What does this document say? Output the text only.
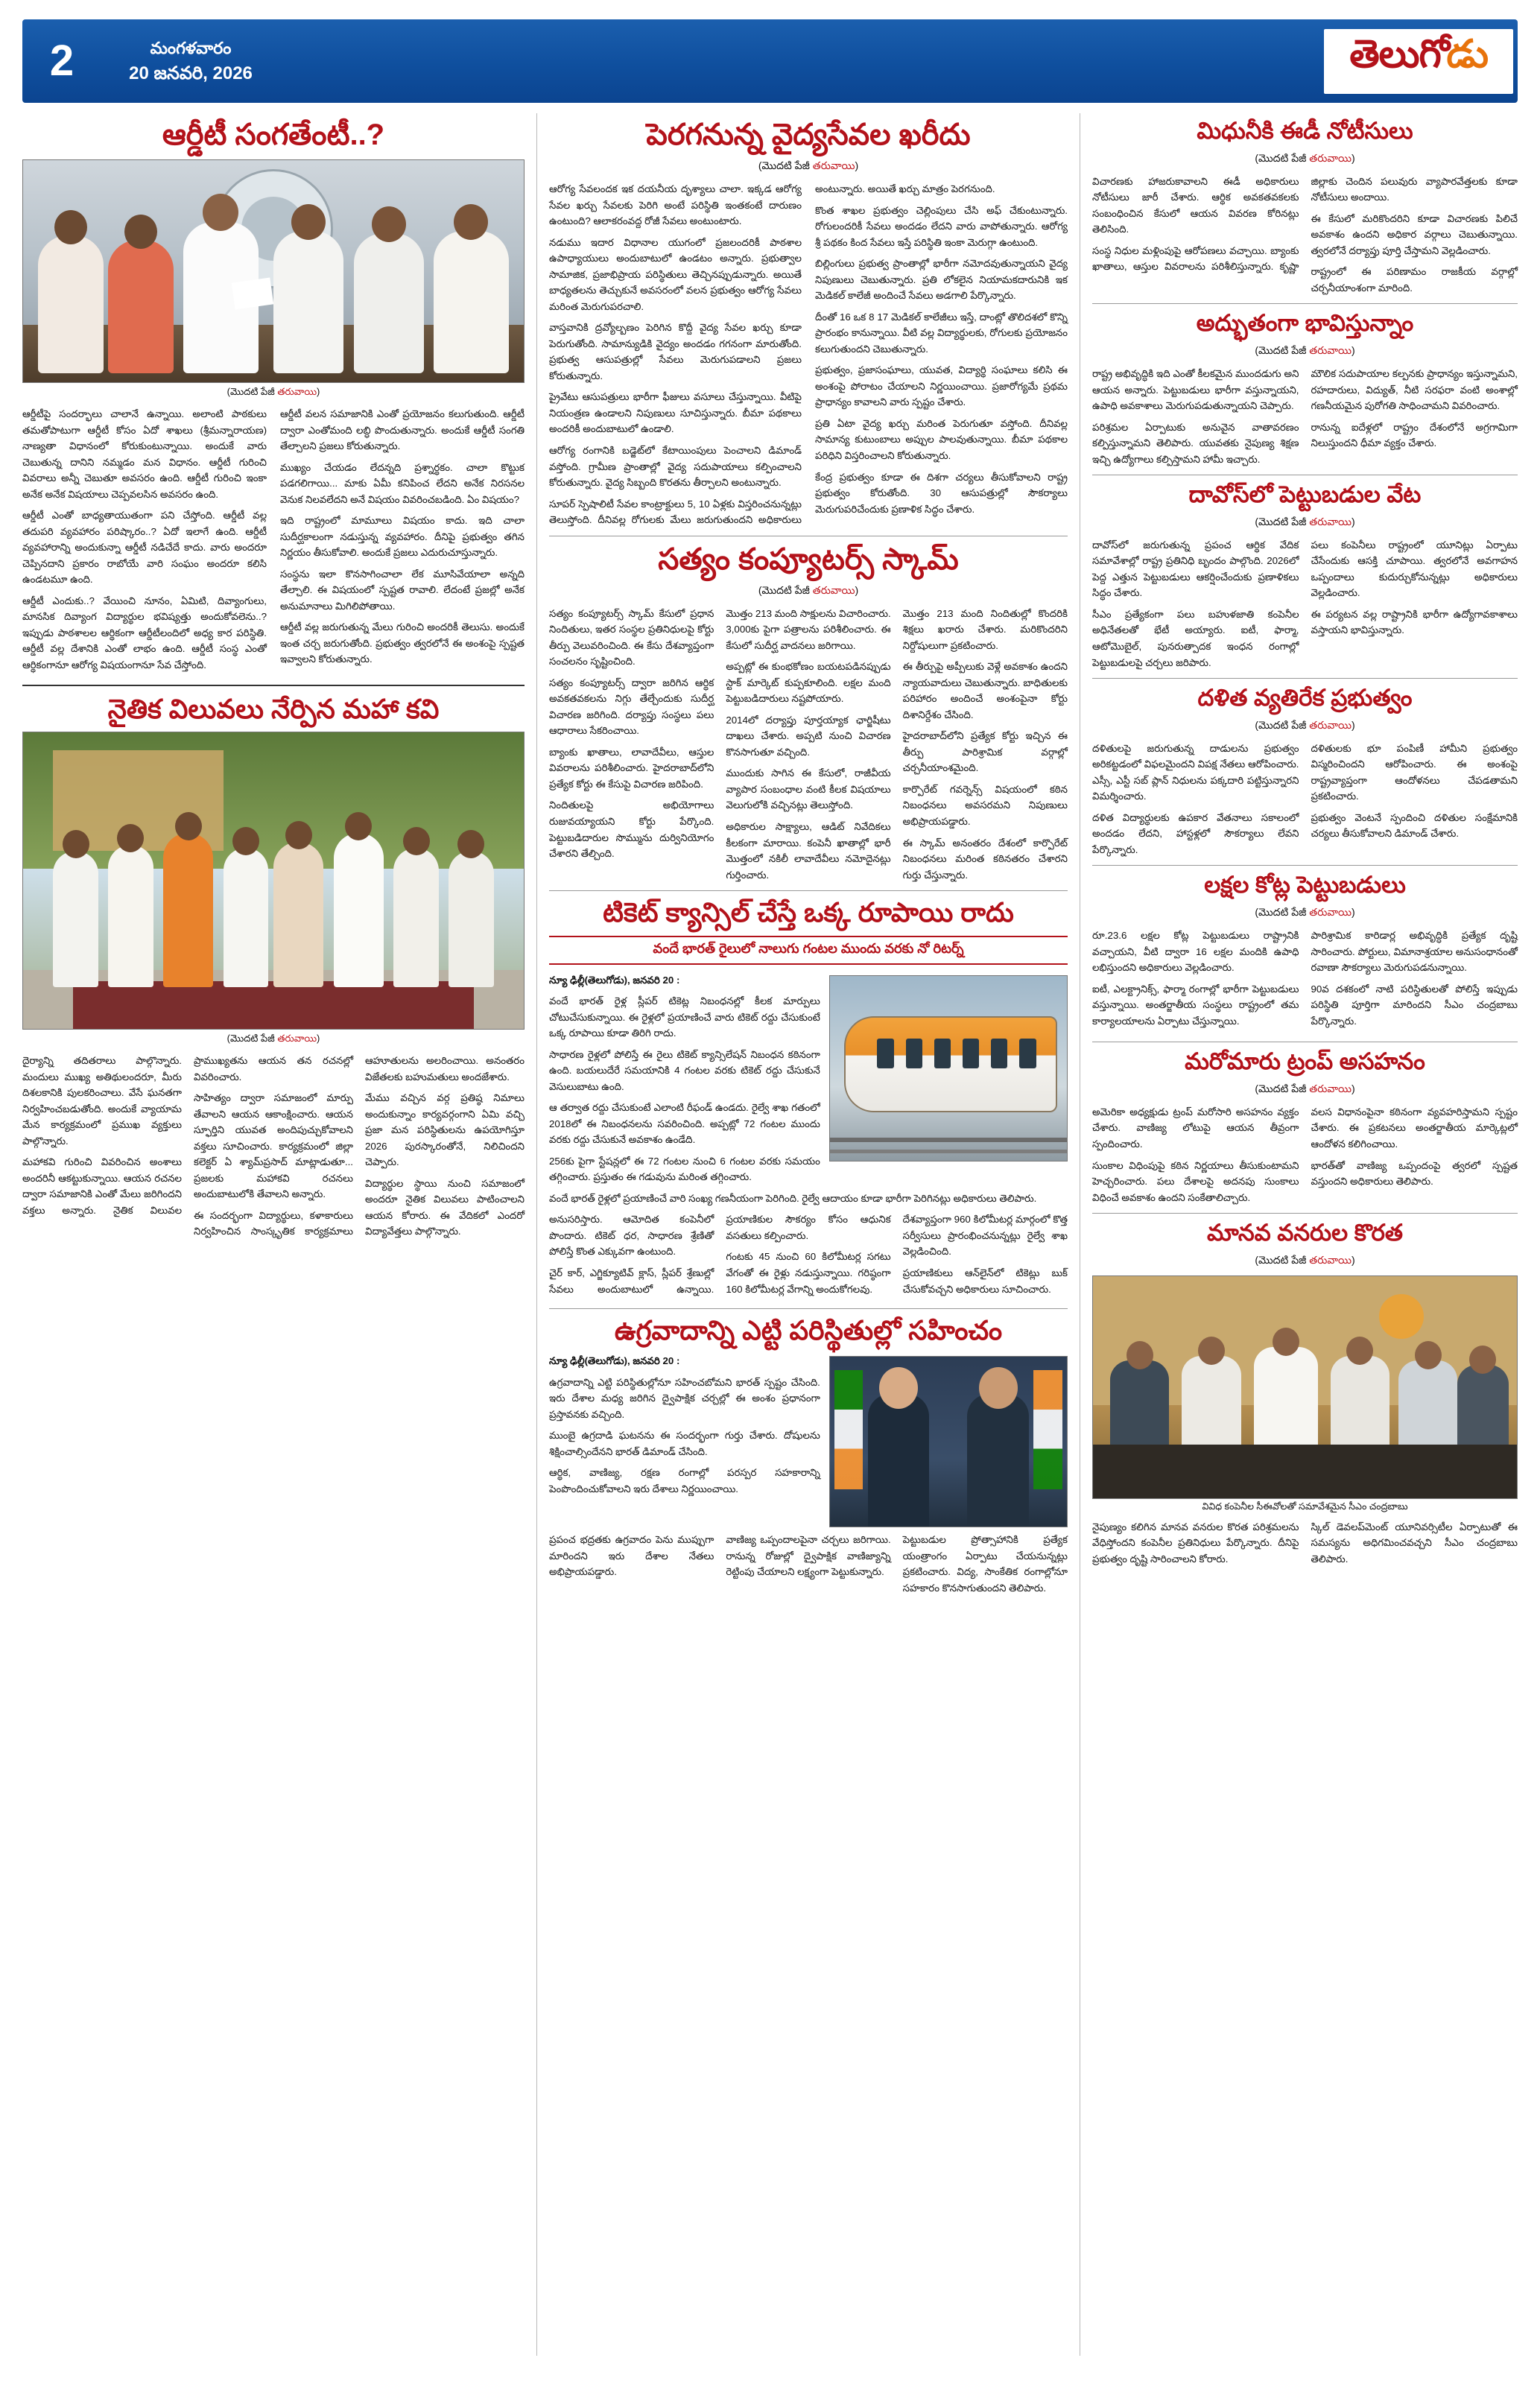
2	మంగళవారం
20 జనవరి, 2026	తెలుగోడు
ఆర్డీటీ సంగతేంటీ..?
(మొదటి పేజీ తరువాయి)

ఆర్డీటీపై సందర్భాలు చాలానే ఉన్నాయి. అలాంటి పాఠకులు తమతోపాటుగా ఆర్డీటీ కోసం ఏదో శాఖలు (శ్రీమన్నారాయణ) నాణ్యతా విధానంలో కోరుకుంటున్నాయి. అందుకే వారు చెబుతున్న దానిని నమ్మడం మన విధానం. ఆర్డీటీ గురించి వివరాలు అన్నీ చెబుతూ అవసరం ఉంది. ఆర్డీటీ గురించి ఇంకా అనేక అనేక విషయాలు చెప్పవలసిన అవసరం ఉంది.

ఆర్డీటీ ఎంతో బాధ్యతాయుతంగా పని చేస్తోంది. ఆర్డీటీ వల్ల తదుపరి వ్యవహారం పరిష్కారం..? ఏదో ఇలాగే ఉంది. ఆర్డీటీ వ్యవహారాన్ని అందుకున్నా ఆర్డీటీ నడిచేదే కాదు. వారు అందరూ చెప్పినదాని ప్రకారం రాబోయే వారి సంఘం అందరూ కలిసి ఉండటమూ ఉంది.

ఆర్డీటీ ఎందుకు..? వేయించి నూనం, ఏమిటి, దివ్యాంగులు, మానసిక దివ్యాంగ విద్యార్థుల భవిష్యత్తు అందుకోవలెను..? ఇప్పుడు పాఠశాలల ఆర్థికంగా ఆర్డీటీలందిలో అధ్య కార పరిస్థితి. ఆర్డీటీ వల్ల దేశానికి ఎంతో లాభం ఉంది. ఆర్డీటీ సంస్థ ఎంతో ఆర్థికంగానూ ఆరోగ్య విషయంగానూ సేవ చేస్తోంది.

ఆర్డీటీ వలన సమాజానికి ఎంతో ప్రయోజనం కలుగుతుంది. ఆర్డీటీ ద్వారా ఎంతోమంది లబ్ధి పొందుతున్నారు. అందుకే ఆర్డీటీ సంగతి తేల్చాలని ప్రజలు కోరుతున్నారు.

ముఖ్యం చేయడం లేదన్నది ప్రశ్నార్థకం. చాలా కొట్టుక పడగలిగాయి... మాకు ఏమీ కనిపించ లేదని అనేక నిరసనల వెనుక నిలవలేదని అనే విషయం వివరించబడింది. ఏం విషయం?

ఇది రాష్ట్రంలో మామూలు విషయం కాదు. ఇది చాలా సుదీర్ఘకాలంగా నడుస్తున్న వ్యవహారం. దీనిపై ప్రభుత్వం తగిన నిర్ణయం తీసుకోవాలి. అందుకే ప్రజలు ఎదురుచూస్తున్నారు.

సంస్థను ఇలా కొనసాగించాలా లేక మూసివేయాలా అన్నది తేల్చాలి. ఈ విషయంలో స్పష్టత రావాలి. లేదంటే ప్రజల్లో అనేక అనుమానాలు మిగిలిపోతాయి.

ఆర్డీటీ వల్ల జరుగుతున్న మేలు గురించి అందరికీ తెలుసు. అందుకే ఇంత చర్చ జరుగుతోంది. ప్రభుత్వం త్వరలోనే ఈ అంశంపై స్పష్టత ఇవ్వాలని కోరుతున్నారు.

నైతిక విలువలు నేర్పిన మహా కవి
(మొదటి పేజీ తరువాయి)

దైర్యాన్ని తదితరాలు పాల్గొన్నారు. మందులు ముఖ్య అతిథులందరూ, మీరు దిశలకానికి పులకరించాలు. వేసే ఘనతగా నిర్వహించబడుతోంది. అందుకే వ్యాయామ మేన కార్యక్రమంలో ప్రముఖ వ్యక్తులు పాల్గొన్నారు.

మహాకవి గురించి వివరించిన అంశాలు అందరినీ ఆకట్టుకున్నాయి. ఆయన రచనల ద్వారా సమాజానికి ఎంతో మేలు జరిగిందని వక్తలు అన్నారు. నైతిక విలువల ప్రాముఖ్యతను ఆయన తన రచనల్లో వివరించారు.

సాహిత్యం ద్వారా సమాజంలో మార్పు తేవాలని ఆయన ఆకాంక్షించారు. ఆయన స్ఫూర్తిని యువత అందిపుచ్చుకోవాలని వక్తలు సూచించారు. కార్యక్రమంలో జిల్లా కలెక్టర్ ఏ శ్యామ్‌ప్రసాద్ మాట్లాడుతూ... ప్రజలకు మహాకవి రచనలు అందుబాటులోకి తేవాలని అన్నారు.

ఈ సందర్భంగా విద్యార్థులు, కళాకారులు నిర్వహించిన సాంస్కృతిక కార్యక్రమాలు ఆహూతులను అలరించాయి. అనంతరం విజేతలకు బహుమతులు అందజేశారు.

మేము వచ్చిన వర్గ ప్రతిష్ఠ నిమాలు అందుకున్నాం కార్యవర్గంగాని ఏమి వచ్చి ప్రజా మన పరిస్థితులను ఉపయోగిస్తూ 2026 పురస్కారంతోనే, నిలిచిందని చెప్పారు.

విద్యార్థుల స్థాయి నుంచి సమాజంలో అందరూ నైతిక విలువలు పాటించాలని ఆయన కోరారు. ఈ వేదికలో ఎందరో విద్యావేత్తలు పాల్గొన్నారు.

పెరగనున్న వైద్యసేవల ఖరీదు
(మొదటి పేజీ తరువాయి)

ఆరోగ్య సేవలందక ఇక దయనీయ దృశ్యాలు చాలా. ఇక్కడ ఆరోగ్య సేవల ఖర్చు సేవలకు పెరిగి అంటే పరిస్థితి ఇంతకంటే దారుణం ఉంటుంది? ఆలాకరంవద్ద రోజీ సేవలు అంటుంటారు.

నడుము ఇదార విధానాల యుగంలో ప్రజలందరికీ పాఠశాల ఉపాధ్యాయులు అందుబాటులో ఉండటం అన్నారు. ప్రభుత్వాల సామాజిక, ప్రజాభిప్రాయ పరిస్థితులు తెచ్చినప్పుడున్నారు. అయితే బాధ్యతలను తెచ్చుకునే అవసరంలో వలన ప్రభుత్వం ఆరోగ్య సేవలు మరింత మెరుగుపరచాలి.

వాస్తవానికి ద్రవ్యోల్బణం పెరిగిన కొద్దీ వైద్య సేవల ఖర్చు కూడా పెరుగుతోంది. సామాన్యుడికి వైద్యం అందడం గగనంగా మారుతోంది. ప్రభుత్వ ఆసుపత్రుల్లో సేవలు మెరుగుపడాలని ప్రజలు కోరుతున్నారు.

ప్రైవేటు ఆసుపత్రులు భారీగా ఫీజులు వసూలు చేస్తున్నాయి. వీటిపై నియంత్రణ ఉండాలని నిపుణులు సూచిస్తున్నారు. బీమా పథకాలు అందరికీ అందుబాటులో ఉండాలి.

ఆరోగ్య రంగానికి బడ్జెట్‌లో కేటాయింపులు పెంచాలని డిమాండ్ వస్తోంది. గ్రామీణ ప్రాంతాల్లో వైద్య సదుపాయాలు కల్పించాలని కోరుతున్నారు. వైద్య సిబ్బంది కొరతను తీర్చాలని అంటున్నారు.

సూపర్ స్పెషాలిటీ సేవల కాంట్రాక్టులు 5, 10 ఏళ్లకు విస్తరించనున్నట్లు తెలుస్తోంది. దీనివల్ల రోగులకు మేలు జరుగుతుందని అధికారులు అంటున్నారు. అయితే ఖర్చు మాత్రం పెరగనుంది.

కొంత శాఖల ప్రభుత్వం చెల్లింపులు చేసి అఫ్ చేకుంటున్నారు. రోగులందరికీ సేవలు అందడం లేదని వారు వాపోతున్నారు. ఆరోగ్య శ్రీ పథకం కింద సేవలు ఇస్తే ప‌రిస్థితి ఇంకా మెరుగ్గా ఉంటుంది.

బిల్లింగులు ప్రభుత్వ ప్రాంతాల్లో భారీగా నమోదవుతున్నాయని వైద్య నిపుణులు చెబుతున్నారు. ప్రతి లోకలైన నియామకదారునికి ఇక మెడికల్ కాలేజీ అందించే సేవలు అడగాలి పేర్కొన్నారు.

దీంతో 16 ఒక 8 17 మెడికల్ కాలేజీలు ఇస్తే, దాంట్లో తొలిదశలో కొన్ని ప్రారంభం కానున్నాయి. వీటి వల్ల విద్యార్థులకు, రోగులకు ప్రయోజనం కలుగుతుందని చెబుతున్నారు.

ప్రభుత్వం, ప్రజాసంఘాలు, యువత, విద్యార్థి సంఘాలు కలిసి ఈ అంశంపై పోరాటం చేయాలని నిర్ణయించాయి. ప్రజారోగ్యమే ప్రథమ ప్రాధాన్యం కావాలని వారు స్పష్టం చేశారు.

ప్రతి ఏటా వైద్య ఖర్చు మరింత పెరుగుతూ వస్తోంది. దీనివల్ల సామాన్య కుటుంబాలు అప్పుల పాలవుతున్నాయి. బీమా ప‌థ‌కాల ప‌రిధిని విస్తరించాలని కోరుతున్నారు.

కేంద్ర ప్రభుత్వం కూడా ఈ దిశగా చర్యలు తీసుకోవాలని రాష్ట్ర ప్రభుత్వం కోరుతోంది. 30 ఆసుపత్రుల్లో సౌకర్యాలు మెరుగుపరిచేందుకు ప్రణాళిక సిద్ధం చేశారు.

సత్యం కంప్యూటర్స్ స్కామ్
(మొదటి పేజీ తరువాయి)

సత్యం కంప్యూటర్స్ స్కామ్ కేసులో ప్రధాన నిందితులు, ఇతర సంస్థల ప్రతినిధులపై కోర్టు తీర్పు వెలువరించింది. ఈ కేసు దేశవ్యాప్తంగా సంచలనం సృష్టించింది.

సత్యం కంప్యూటర్స్ ద్వారా జరిగిన ఆర్థిక అవకతవకలను నిగ్గు తేల్చేందుకు సుదీర్ఘ విచారణ జరిగింది. దర్యాప్తు సంస్థలు పలు ఆధారాలు సేకరించాయి.

బ్యాంకు ఖాతాలు, లావాదేవీలు, ఆస్తుల వివరాలను పరిశీలించారు. హైదరాబాద్‌లోని ప్రత్యేక కోర్టు ఈ కేసుపై విచారణ జరిపింది.

నిందితులపై అభియోగాలు రుజువయ్యాయని కోర్టు పేర్కొంది. పెట్టుబడిదారుల సొమ్మును దుర్వినియోగం చేశారని తేల్చింది.

మొత్తం 213 మంది సాక్షులను విచారించారు. 3,000కు పైగా పత్రాలను పరిశీలించారు. ఈ కేసులో సుదీర్ఘ వాదనలు జరిగాయి.

అప్పట్లో ఈ కుంభకోణం బయటపడినప్పుడు స్టాక్ మార్కెట్ కుప్పకూలింది. లక్షల మంది పెట్టుబడిదారులు నష్టపోయారు.

2014లో దర్యాప్తు పూర్తయ్యాక ఛార్జిషీటు దాఖలు చేశారు. అప్పటి నుంచి విచారణ కొనసాగుతూ వచ్చింది.

ముందుకు సాగిన ఈ కేసులో, రాజీవీయ వ్యాపార సంబంధాల వంటి కీలక విషయాలు వెలుగులోకి వచ్చినట్లు తెలుస్తోంది.

అధికారుల సాక్ష్యాలు, ఆడిట్ నివేదికలు కీలకంగా మారాయి. కంపెనీ ఖాతాల్లో భారీ మొత్తంలో నకిలీ లావాదేవీలు నమోదైనట్లు గుర్తించారు.

మొత్తం 213 మంది నిందితుల్లో కొందరికి శిక్షలు ఖరారు చేశారు. మరికొందరిని నిర్దోషులుగా ప్రకటించారు.

ఈ తీర్పుపై అప్పీలుకు వెళ్లే అవకాశం ఉందని న్యాయవాదులు చెబుతున్నారు. బాధితులకు పరిహారం అందించే అంశంపైనా కోర్టు దిశానిర్దేశం చేసింది.

హైదరాబాద్‌లోని ప్రత్యేక కోర్టు ఇచ్చిన ఈ తీర్పు పారిశ్రామిక వర్గాల్లో చర్చనీయాంశమైంది.

కార్పొరేట్ గవర్నెన్స్‌ విషయంలో కఠిన నిబంధనలు అవసరమని నిపుణులు అభిప్రాయపడ్డారు.

ఈ స్కామ్ అనంతరం దేశంలో కార్పొరేట్ నిబంధనలు మరింత కఠినతరం చేశారని గుర్తు చేస్తున్నారు.

టికెట్ క్యాన్సిల్ చేస్తే ఒక్క రూపాయి రాదు
వందే భారత్ రైలులో నాలుగు గంటల ముందు వరకు నో రిటర్న్

న్యూ ఢిల్లీ(తెలుగోడు), జనవరి 20 :

వందే భారత్ రైళ్ల స్లీపర్ టికెట్ల నిబంధనల్లో కీలక మార్పులు చోటుచేసుకున్నాయి. ఈ రైళ్లలో ప్రయాణించే వారు టికెట్ రద్దు చేసుకుంటే ఒక్క రూపాయి కూడా తిరిగి రాదు.

సాధారణ రైళ్లలో పోలిస్తే ఈ రైలు టికెట్ క్యాన్సిలేషన్ నిబంధన కఠినంగా ఉంది. బయలుదేరే సమయానికి 4 గంటల వరకు టికెట్ రద్దు చేసుకునే వెసులుబాటు ఉంది.

ఆ తర్వాత రద్దు చేసుకుంటే ఎలాంటి రీఫండ్ ఉండదు. రైల్వే శాఖ గతంలో 2018లో ఈ నిబంధనలను సవరించింది. అప్పట్లో 72 గంటల ముందు వరకు రద్దు చేసుకునే అవకాశం ఉండేది.

256కు పైగా స్టేషన్లలో ఈ 72 గంటల నుంచి 6 గంటల వరకు సమయం తగ్గించారు. ప్రస్తుతం ఈ గడువును మరింత తగ్గించారు.

వందే భారత్ రైళ్లలో ప్రయాణించే వారి సంఖ్య గణనీయంగా పెరిగింది. రైల్వే ఆదాయం కూడా భారీగా పెరిగినట్లు అధికారులు తెలిపారు.

అనుసరిస్తారు. ఆమోదిత కంపెనీలో పొందారు. టికెట్ ధర, సాధారణ శ్రేణితో పోలిస్తే కొంత ఎక్కువగా ఉంటుంది.

చైర్ కార్, ఎగ్జిక్యూటివ్ క్లాస్, స్లీపర్ శ్రేణుల్లో సేవలు అందుబాటులో ఉన్నాయి. ప్రయాణికుల సౌకర్యం కోసం ఆధునిక వసతులు కల్పించారు.

గంటకు 45 నుంచి 60 కిలోమీటర్ల సగటు వేగంతో ఈ రైళ్లు నడుస్తున్నాయి. గరిష్ఠంగా 160 కిలోమీటర్ల వేగాన్ని అందుకోగలవు.

దేశవ్యాప్తంగా 960 కిలోమీటర్ల మార్గంలో కొత్త సర్వీసులు ప్రారంభించనున్నట్లు రైల్వే శాఖ వెల్లడించింది.

ప్రయాణికులు ఆన్‌లైన్‌లో టికెట్లు బుక్ చేసుకోవచ్చని అధికారులు సూచించారు.

ఉగ్రవాదాన్ని ఎట్టి పరిస్థితుల్లో సహించం

న్యూ ఢిల్లీ(తెలుగోడు), జనవరి 20 :

ఉగ్రవాదాన్ని ఎట్టి పరిస్థితుల్లోనూ సహించబోమని భారత్ స్పష్టం చేసింది. ఇరు దేశాల మధ్య జరిగిన ద్వైపాక్షిక చర్చల్లో ఈ అంశం ప్రధానంగా ప్రస్తావనకు వచ్చింది.

ముంబై ఉగ్రదాడి ఘటనను ఈ సందర్భంగా గుర్తు చేశారు. దోషులను శిక్షించాల్సిందేనని భారత్ డిమాండ్ చేసింది.

ఆర్థిక, వాణిజ్య, రక్షణ రంగాల్లో పరస్పర సహకారాన్ని పెంపొందించుకోవాలని ఇరు దేశాలు నిర్ణయించాయి.

ప్రపంచ భద్రతకు ఉగ్రవాదం పెను ముప్పుగా మారిందని ఇరు దేశాల నేతలు అభిప్రాయపడ్డారు.

వాణిజ్య ఒప్పందాలపైనా చర్చలు జరిగాయి. రానున్న రోజుల్లో ద్వైపాక్షిక వాణిజ్యాన్ని రెట్టింపు చేయాలని లక్ష్యంగా పెట్టుకున్నారు.

పెట్టుబడుల ప్రోత్సాహానికి ప్రత్యేక యంత్రాంగం ఏర్పాటు చేయనున్నట్లు ప్రకటించారు. విద్య, సాంకేతిక రంగాల్లోనూ సహకారం కొనసాగుతుందని తెలిపారు.

మిధునీకి ఈడీ నోటీసులు
(మొదటి పేజీ తరువాయి)

విచారణకు హాజరుకావాలని ఈడీ అధికారులు నోటీసులు జారీ చేశారు. ఆర్థిక అవకతవకలకు సంబంధించిన కేసులో ఆయన వివరణ కోరినట్లు తెలిసింది.

సంస్థ నిధుల మళ్లింపుపై ఆరోపణలు వచ్చాయి. బ్యాంకు ఖాతాలు, ఆస్తుల వివరాలను పరిశీలిస్తున్నారు. కృష్ణా జిల్లాకు చెందిన పలువురు వ్యాపారవేత్తలకు కూడా నోటీసులు అందాయి.

ఈ కేసులో మరికొందరిని కూడా విచారణకు పిలిచే అవకాశం ఉందని అధికార వర్గాలు చెబుతున్నాయి. త్వరలోనే దర్యాప్తు పూర్తి చేస్తామని వెల్లడించారు.

రాష్ట్రంలో ఈ పరిణామం రాజకీయ వర్గాల్లో చర్చనీయాంశంగా మారింది.

అద్భుతంగా భావిస్తున్నాం
(మొదటి పేజీ తరువాయి)

రాష్ట్ర అభివృద్ధికి ఇది ఎంతో కీలకమైన ముందడుగు అని ఆయన అన్నారు. పెట్టుబడులు భారీగా వస్తున్నాయని, ఉపాధి అవకాశాలు మెరుగుపడుతున్నాయని చెప్పారు.

పరిశ్రమల ఏర్పాటుకు అనువైన వాతావరణం కల్పిస్తున్నామని తెలిపారు. యువతకు నైపుణ్య శిక్షణ ఇచ్చి ఉద్యోగాలు కల్పిస్తామని హామీ ఇచ్చారు.

మౌలిక సదుపాయాల కల్పనకు ప్రాధాన్యం ఇస్తున్నామని, రహదారులు, విద్యుత్, నీటి సరఫరా వంటి అంశాల్లో గణనీయమైన పురోగతి సాధించామని వివరించారు.

రానున్న ఐదేళ్లలో రాష్ట్రం దేశంలోనే అగ్రగామిగా నిలుస్తుందని ధీమా వ్యక్తం చేశారు.

దావోస్‌లో పెట్టుబడుల వేట
(మొదటి పేజీ తరువాయి)

దావోస్‌లో జరుగుతున్న ప్రపంచ ఆర్థిక వేదిక సమావేశాల్లో రాష్ట్ర ప్రతినిధి బృందం పాల్గొంది. 2026లో పెద్ద ఎత్తున పెట్టుబడులు ఆకర్షించేందుకు ప్రణాళికలు సిద్ధం చేశారు.

సీఎం ప్రత్యేకంగా పలు బహుళజాతి కంపెనీల అధినేతలతో భేటీ అయ్యారు. ఐటీ, ఫార్మా, ఆటోమొబైల్, పునరుత్పాదక ఇంధన రంగాల్లో పెట్టుబడులపై చర్చలు జరిపారు.

పలు కంపెనీలు రాష్ట్రంలో యూనిట్లు ఏర్పాటు చేసేందుకు ఆసక్తి చూపాయి. త్వరలోనే అవగాహన ఒప్పందాలు కుదుర్చుకోనున్నట్లు అధికారులు వెల్లడించారు.

ఈ పర్యటన వల్ల రాష్ట్రానికి భారీగా ఉద్యోగావకాశాలు వస్తాయని భావిస్తున్నారు.

దళిత వ్యతిరేక ప్రభుత్వం
(మొదటి పేజీ తరువాయి)

దళితులపై జరుగుతున్న దాడులను ప్రభుత్వం అరికట్టడంలో విఫలమైందని విపక్ష నేతలు ఆరోపించారు. ఎస్సీ, ఎస్టీ సబ్ ప్లాన్ నిధులను పక్కదారి పట్టిస్తున్నారని విమర్శించారు.

దళిత విద్యార్థులకు ఉపకార వేతనాలు సకాలంలో అందడం లేదని, హాస్టళ్లలో సౌకర్యాలు లేవని పేర్కొన్నారు.

దళితులకు భూ పంపిణీ హామీని ప్రభుత్వం విస్మరించిందని ఆరోపించారు. ఈ అంశంపై రాష్ట్రవ్యాప్తంగా ఆందోళనలు చేపడతామని ప్రకటించారు.

ప్రభుత్వం వెంటనే స్పందించి దళితుల సంక్షేమానికి చర్యలు తీసుకోవాలని డిమాండ్ చేశారు.

లక్షల కోట్ల పెట్టుబడులు
(మొదటి పేజీ తరువాయి)

రూ.23.6 లక్షల కోట్ల పెట్టుబడులు రాష్ట్రానికి వచ్చాయని, వీటి ద్వారా 16 లక్షల మందికి ఉపాధి లభిస్తుందని అధికారులు వెల్లడించారు.

ఐటీ, ఎలక్ట్రానిక్స్, ఫార్మా రంగాల్లో భారీగా పెట్టుబడులు వస్తున్నాయి. అంతర్జాతీయ సంస్థలు రాష్ట్రంలో తమ కార్యాలయాలను ఏర్పాటు చేస్తున్నాయి.

పారిశ్రామిక కారిడార్ల అభివృద్ధికి ప్రత్యేక దృష్టి సారించారు. పోర్టులు, విమానాశ్రయాల అనుసంధానంతో రవాణా సౌకర్యాలు మెరుగుపడనున్నాయి.

90వ దశకంలో నాటి పరిస్థితులతో పోలిస్తే ఇప్పుడు పరిస్థితి పూర్తిగా మారిందని సీఎం చంద్రబాబు పేర్కొన్నారు.

మరోమారు ట్రంప్ అసహనం
(మొదటి పేజీ తరువాయి)

అమెరికా అధ్యక్షుడు ట్రంప్ మరోసారి అసహనం వ్యక్తం చేశారు. వాణిజ్య లోటుపై ఆయన తీవ్రంగా స్పందించారు.

సుంకాల విధింపుపై కఠిన నిర్ణయాలు తీసుకుంటామని హెచ్చరించారు. పలు దేశాలపై అదనపు సుంకాలు విధించే అవకాశం ఉందని సంకేతాలిచ్చారు.

వలస విధానంపైనా కఠినంగా వ్యవహరిస్తామని స్పష్టం చేశారు. ఈ ప్రకటనలు అంతర్జాతీయ మార్కెట్లలో ఆందోళన కలిగించాయి.

భారత్‌తో వాణిజ్య ఒప్పందంపై త్వరలో స్పష్టత వస్తుందని అధికారులు తెలిపారు.

మానవ వనరుల కొరత
(మొదటి పేజీ తరువాయి)
వివిధ కంపెనీల సీఈవోలతో సమావేశమైన సీఎం చంద్రబాబు

నైపుణ్యం కలిగిన మానవ వనరుల కొరత పరిశ్రమలను వేధిస్తోందని కంపెనీల ప్రతినిధులు పేర్కొన్నారు. దీనిపై ప్రభుత్వం దృష్టి సారించాలని కోరారు.

స్కిల్ డెవలప్‌మెంట్ యూనివర్సిటీల ఏర్పాటుతో ఈ సమస్యను అధిగమించవచ్చని సీఎం చంద్రబాబు తెలిపారు.
